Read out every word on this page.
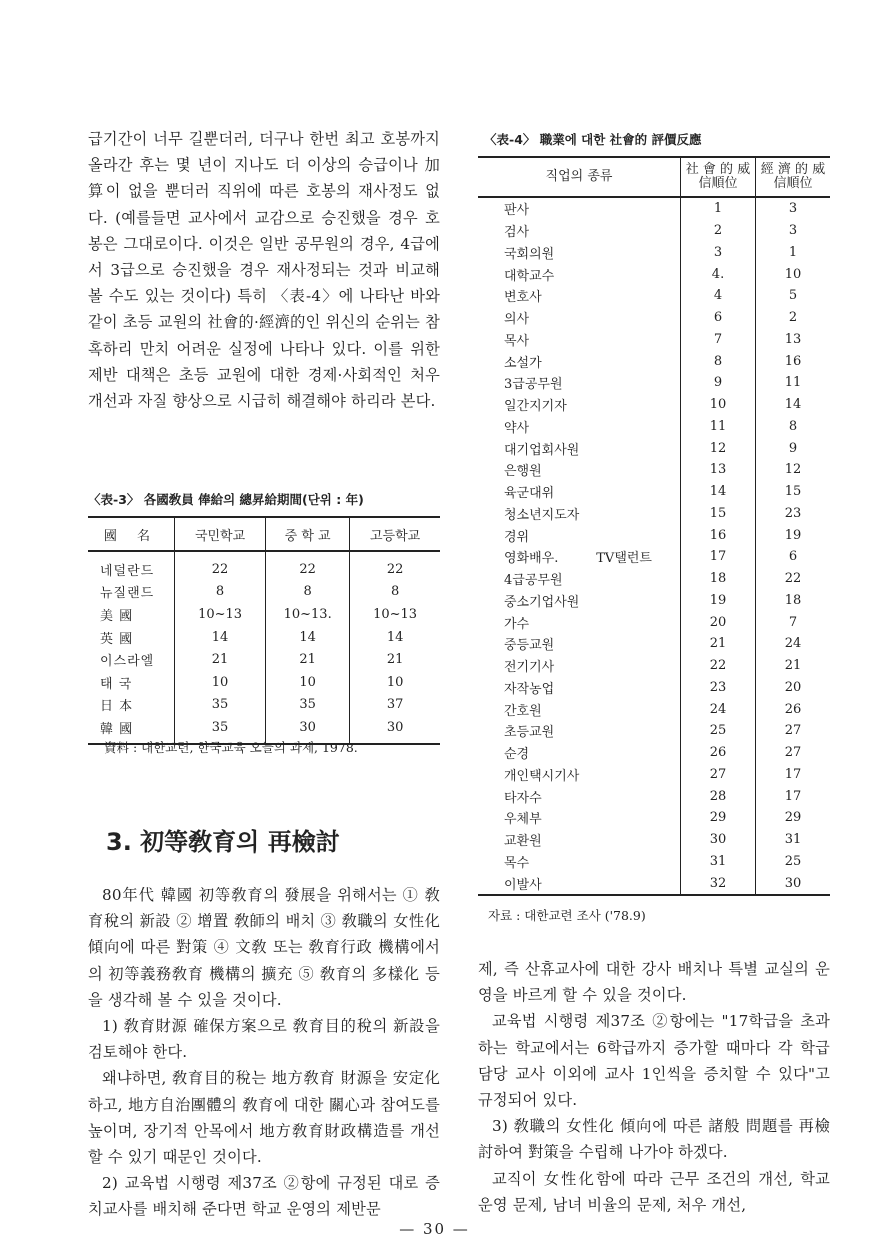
급기간이 너무 길뿐더러, 더구나 한번 최고 호봉까지 올라간 후는 몇 년이 지나도 더 이상의 승급이나 加算이 없을 뿐더러 직위에 따른 호봉의 재사정도 없다. (예를들면 교사에서 교감으로 승진했을 경우 호봉은 그대로이다. 이것은 일반 공무원의 경우, 4급에서 3급으로 승진했을 경우 재사정되는 것과 비교해 볼 수도 있는 것이다) 특히 〈表-4〉에 나타난 바와 같이 초등 교원의 社會的·經濟的인 위신의 순위는 참혹하리 만치 어려운 실정에 나타나 있다. 이를 위한 제반 대책은 초등 교원에 대한 경제·사회적인 처우 개선과 자질 향상으로 시급히 해결해야 하리라 본다.

〈表-3〉 各國敎員 俸給의 總昇給期間(단위 : 年)
國 名	국민학교	중 학 교	고등학교
네덜란드	22	22	22
뉴질랜드	8	8	8
美 國	10~13	10~13.	10~13
英 國	14	14	14
이스라엘	21	21	21
태 국	10	10	10
日 本	35	35	37
韓 國	35	30	30
資料 : 대한교련, 한국교육 오늘의 과제, 1978.
3. 初等敎育의 再檢討

80年代 韓國 初等敎育의 發展을 위해서는 ① 敎育稅의 新設 ② 增置 敎師의 배치 ③ 敎職의 女性化 傾向에 따른 對策 ④ 文敎 또는 敎育行政 機構에서의 初等義務敎育 機構의 擴充 ⑤ 敎育의 多樣化 등을 생각해 볼 수 있을 것이다.

1) 敎育財源 確保方案으로 敎育目的稅의 新設을 검토해야 한다.

왜냐하면, 敎育目的稅는 地方敎育 財源을 安定化하고, 地方自治團體의 敎育에 대한 關心과 참여도를 높이며, 장기적 안목에서 地方敎育財政構造를 개선할 수 있기 때문인 것이다.

2) 교육법 시행령 제37조 ②항에 규정된 대로 증치교사를 배치해 준다면 학교 운영의 제반문

〈表-4〉 職業에 대한 社會的 評價反應
직업의 종류	社 會 的 威信順位	經 濟 的 威信順位
판사	1	3
검사	2	3
국회의원	3	1
대학교수	4.	10
변호사	4	5
의사	6	2
목사	7	13
소설가	8	16
3급공무원	9	11
일간지기자	10	14
약사	11	8
대기업회사원	12	9
은행원	13	12
육군대위	14	15
청소년지도자	15	23
경위	16	19
영화배우. TV탤런트	17	6
4급공무원	18	22
중소기업사원	19	18
가수	20	7
중등교원	21	24
전기기사	22	21
자작농업	23	20
간호원	24	26
초등교원	25	27
순경	26	27
개인택시기사	27	17
타자수	28	17
우체부	29	29
교환원	30	31
목수	31	25
이발사	32	30
자료 : 대한교련 조사 ('78.9)

제, 즉 산휴교사에 대한 강사 배치나 특별 교실의 운영을 바르게 할 수 있을 것이다.

교육법 시행령 제37조 ②항에는 "17학급을 초과하는 학교에서는 6학급까지 증가할 때마다 각 학급 담당 교사 이외에 교사 1인씩을 증치할 수 있다"고 규정되어 있다.

3) 敎職의 女性化 傾向에 따른 諸般 問題를 再檢討하여 對策을 수립해 나가야 하겠다.

교직이 女性化함에 따라 근무 조건의 개선, 학교 운영 문제, 남녀 비율의 문제, 처우 개선,

— 30 —
